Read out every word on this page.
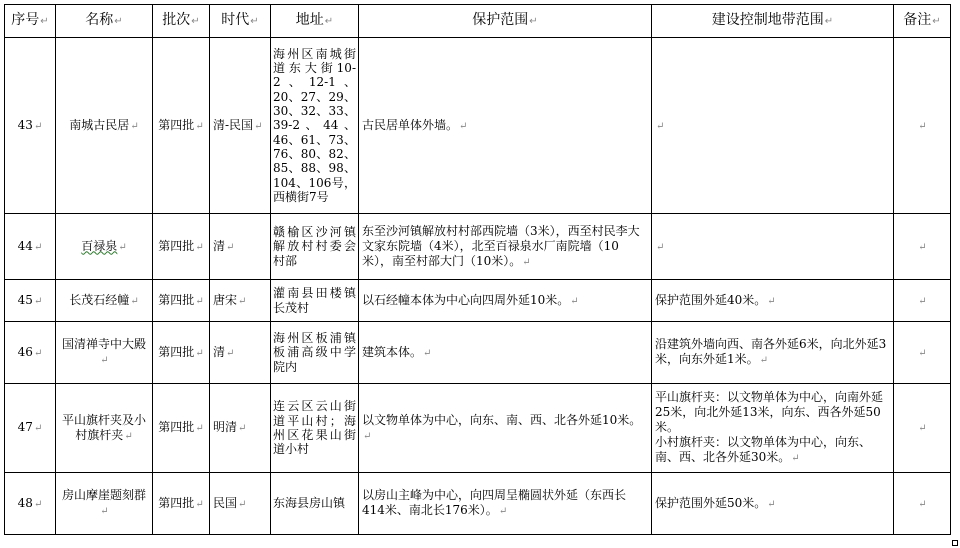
序号↵	名称↵	批次↵	时代↵	地址↵	保护范围↵	建设控制地带范围↵	备注↵
43↵	南城古民居↵	第四批↵	清-民国↵	海州区南城街道东大街10-2、12-1、20、27、29、30、32、33、39-2、44、46、61、73、76、80、82、85、88、98、104、106号，西横街7号	古民居单体外墙。↵	↵	↵
44↵	百禄泉↵	第四批↵	清↵	赣榆区沙河镇解放村村委会村部	东至沙河镇解放村村部西院墙（3米），西至村民李大文家东院墙（4米），北至百禄泉水厂南院墙（10米），南至村部大门（10米）。↵	↵	↵
45↵	长茂石经幢↵	第四批↵	唐宋↵	灌南县田楼镇长茂村	以石经幢本体为中心向四周外延10米。↵	保护范围外延40米。↵	↵
46↵	国清禅寺中大殿↵	第四批↵	清↵	海州区板浦镇板浦高级中学院内	建筑本体。↵	沿建筑外墙向西、南各外延6米，向北外延3米，向东外延1米。↵	↵
47↵	平山旗杆夹及小村旗杆夹↵	第四批↵	明清↵	连云区云山街道平山村；海州区花果山街道小村	以文物单体为中心，向东、南、西、北各外延10米。↵	平山旗杆夹：以文物单体为中心，向南外延25米，向北外延13米，向东、西各外延50米。
小村旗杆夹：以文物单体为中心，向东、南、西、北各外延30米。↵	↵
48↵	房山摩崖题刻群↵	第四批↵	民国↵	东海县房山镇	以房山主峰为中心，向四周呈椭圆状外延（东西长414米、南北长176米）。↵	保护范围外延50米。↵	↵
